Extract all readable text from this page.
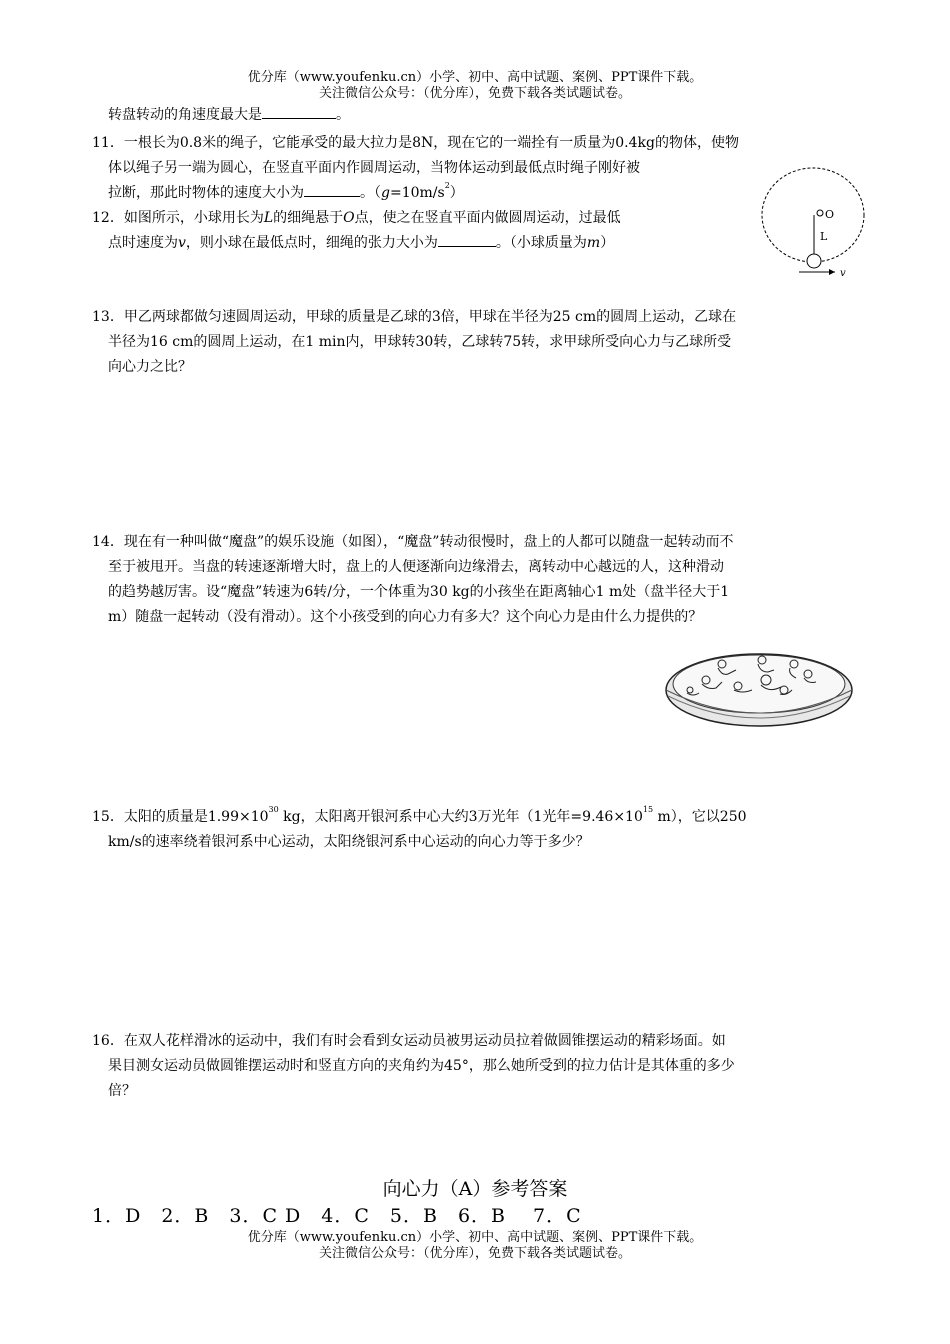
优分库（www.youfenku.cn）小学、初中、高中试题、案例、PPT课件下载。
关注微信公众号：（优分库），免费下载各类试题试卷。
转盘转动的角速度最大是	。
11．一根长为0.8米的绳子，它能承受的最大拉力是8N，现在它的一端拴有一质量为0.4kg的物体，使物
体以绳子另一端为圆心，在竖直平面内作圆周运动，当物体运动到最低点时绳子刚好被
拉断，那此时物体的速度大小为	。$(g=10m/s^2)$
12．如图所示，小球用长为L的细绳悬于O点，使之在竖直平面内做圆周运动，过最低
点时速度为v，则小球在最低点时，细绳的张力大小为	。（小球质量为m）
O
L
v
13．甲乙两球都做匀速圆周运动，甲球的质量是乙球的3倍，甲球在半径为25 cm的圆周上运动，乙球在
半径为16 cm的圆周上运动，在1 min内，甲球转30转，乙球转75转，求甲球所受向心力与乙球所受
向心力之比？
14．现在有一种叫做“魔盘”的娱乐设施（如图），“魔盘”转动很慢时，盘上的人都可以随盘一起转动而不
至于被甩开。当盘的转速逐渐增大时，盘上的人便逐渐向边缘滑去，离转动中心越远的人，这种滑动
的趋势越厉害。设“魔盘”转速为6转/分，一个体重为30 kg的小孩坐在距离轴心1 m处（盘半径大于1
m）随盘一起转动（没有滑动）。这个小孩受到的向心力有多大？这个向心力是由什么力提供的？
15．太阳的质量是$1.99\times 10^{30}$ kg，太阳离开银河系中心大约3万光年（1光年$=9.46\times 10^{15}$ m），它以250
km/s的速率绕着银河系中心运动，太阳绕银河系中心运动的向心力等于多少？
16．在双人花样滑冰的运动中，我们有时会看到女运动员被男运动员拉着做圆锥摆运动的精彩场面。如
果目测女运动员做圆锥摆运动时和竖直方向的夹角约为45°，那么她所受到的拉力估计是其体重的多少
倍？
向心力（A）参考答案
1．D　2．B　3．C D　4．C　5．B　6．B　 7．C
优分库（www.youfenku.cn）小学、初中、高中试题、案例、PPT课件下载。
关注微信公众号：（优分库），免费下载各类试题试卷。
